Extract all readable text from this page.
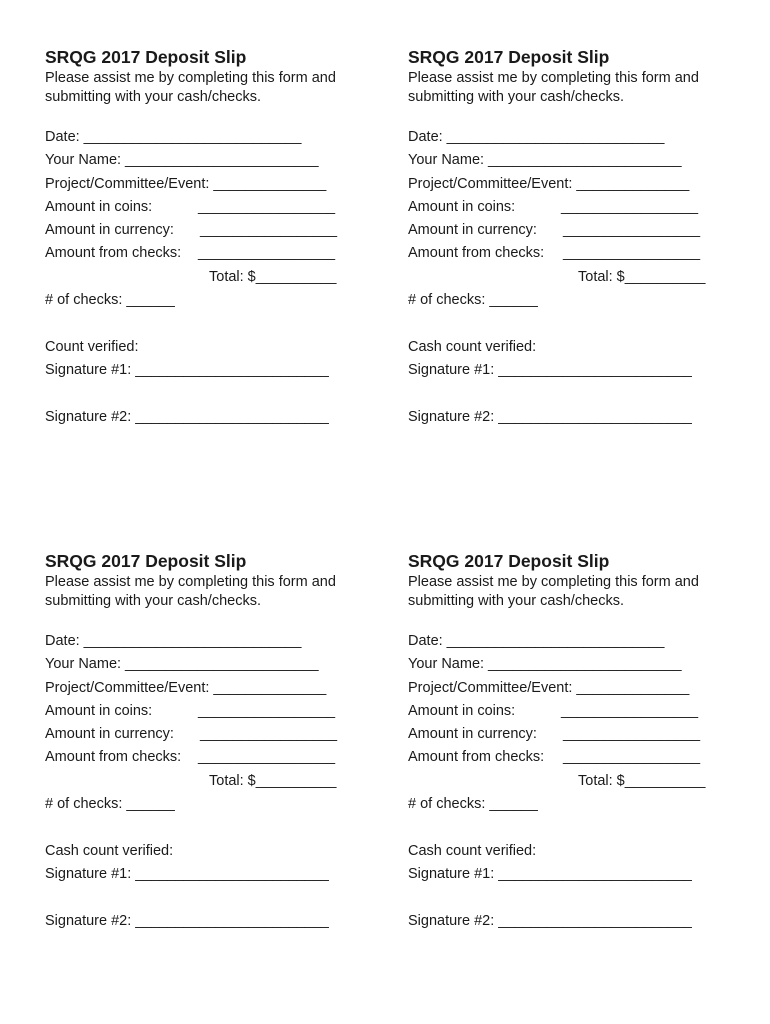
SRQG 2017 Deposit Slip
Please assist me by completing this form and
submitting with your cash/checks.
Date: ___________________________
Your Name: ________________________
Project/Committee/Event: ______________
Amount in coins:	_________________
Amount in currency: _________________
Amount from checks: _________________
Total: $__________
# of checks: ______
Count verified:
Signature #1: ________________________
Signature #2: ________________________
SRQG 2017 Deposit Slip
Please assist me by completing this form and
submitting with your cash/checks.
Date: ___________________________
Your Name: ________________________
Project/Committee/Event: ______________
Amount in coins:	_________________
Amount in currency: _________________
Amount from checks: _________________
Total: $__________
# of checks: ______
Cash count verified:
Signature #1: ________________________
Signature #2: ________________________
SRQG 2017 Deposit Slip
Please assist me by completing this form and
submitting with your cash/checks.
Date: ___________________________
Your Name: ________________________
Project/Committee/Event: ______________
Amount in coins:	_________________
Amount in currency: _________________
Amount from checks: _________________
Total: $__________
# of checks: ______
Cash count verified:
Signature #1: ________________________
Signature #2: ________________________
SRQG 2017 Deposit Slip
Please assist me by completing this form and
submitting with your cash/checks.
Date: ___________________________
Your Name: ________________________
Project/Committee/Event: ______________
Amount in coins:	_________________
Amount in currency: _________________
Amount from checks: _________________
Total: $__________
# of checks: ______
Cash count verified:
Signature #1: ________________________
Signature #2: ________________________
